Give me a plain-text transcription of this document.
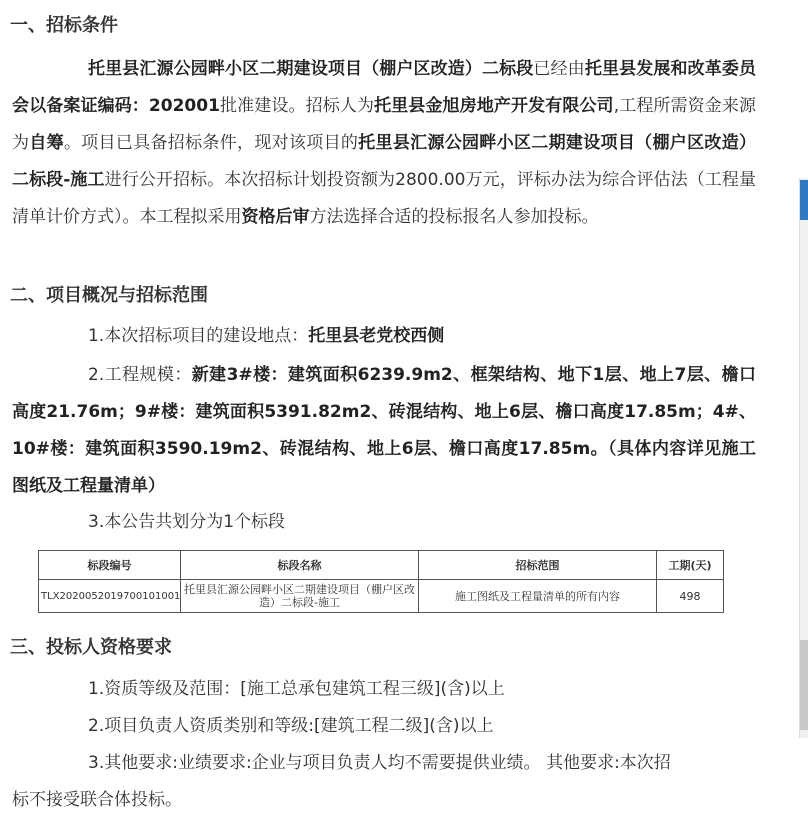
一、招标条件
托里县汇源公园畔小区二期建设项目（棚户区改造）二标段已经由托里县发展和改革委员会以备案证编码：202001批准建设。招标人为托里县金旭房地产开发有限公司,工程所需资金来源为自筹。项目已具备招标条件，现对该项目的托里县汇源公园畔小区二期建设项目（棚户区改造）二标段-施工进行公开招标。本次招标计划投资额为2800.00万元，评标办法为综合评估法（工程量清单计价方式）。本工程拟采用资格后审方法选择合适的投标报名人参加投标。
二、项目概况与招标范围
1.本次招标项目的建设地点：托里县老党校西侧
2.工程规模：新建3#楼：建筑面积6239.9m2、框架结构、地下1层、地上7层、檐口高度21.76m；9#楼：建筑面积5391.82m2、砖混结构、地上6层、檐口高度17.85m；4#、10#楼：建筑面积3590.19m2、砖混结构、地上6层、檐口高度17.85m。（具体内容详见施工图纸及工程量清单）
3.本公告共划分为1个标段
标段编号	标段名称	招标范围	工期(天)
TLX2020052019700101001	托里县汇源公园畔小区二期建设项目（棚户区改造）二标段-施工	施工图纸及工程量清单的所有内容	498
三、投标人资格要求
1.资质等级及范围：[施工总承包建筑工程三级](含)以上
2.项目负责人资质类别和等级:[建筑工程二级](含)以上
3.其他要求:业绩要求:企业与项目负责人均不需要提供业绩。 其他要求:本次招
标不接受联合体投标。
